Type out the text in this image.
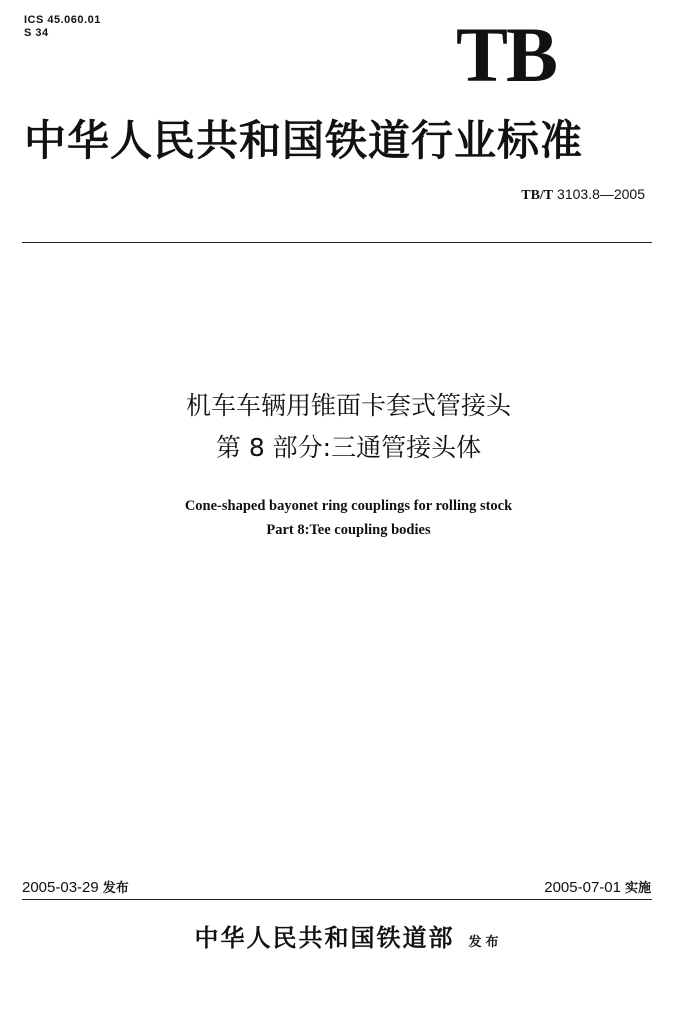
ICS 45.060.01
S 34	TB
中华人民共和国铁道行业标准
TB/T 3103.8—2005
机车车辆用锥面卡套式管接头
第 8 部分:三通管接头体
Cone-shaped bayonet ring couplings for rolling stock
Part 8:Tee coupling bodies
2005-03-29 发布	2005-07-01 实施
中华人民共和国铁道部 发布
